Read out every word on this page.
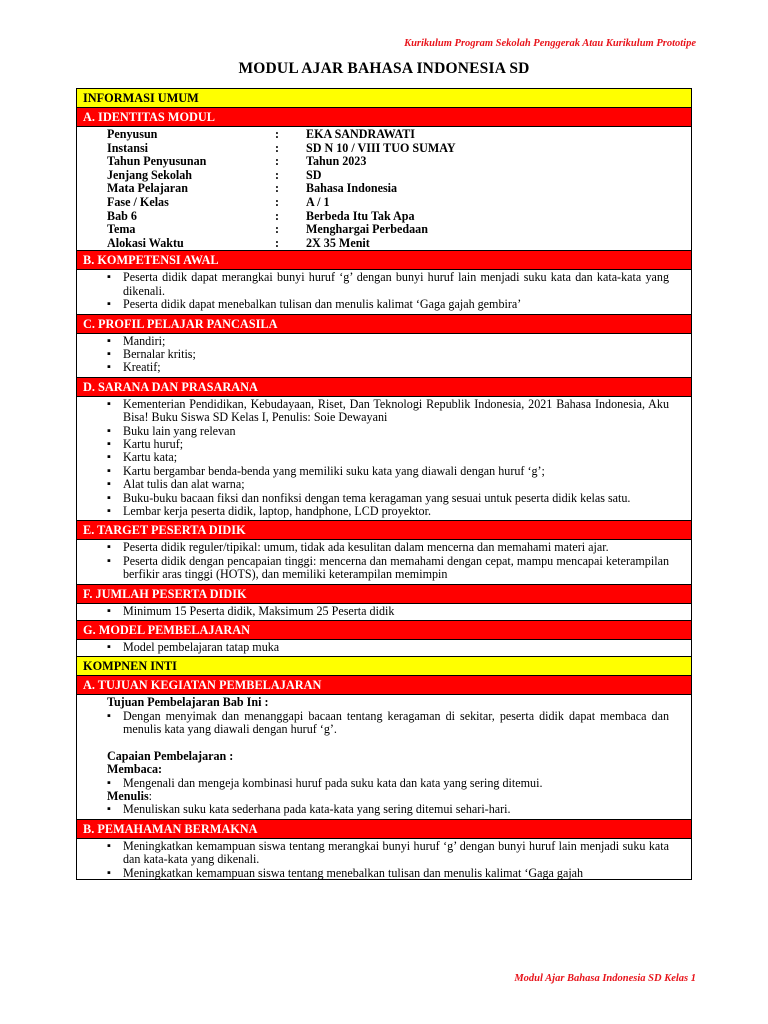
Kurikulum Program Sekolah Penggerak Atau Kurikulum Prototipe
MODUL AJAR BAHASA INDONESIA SD
INFORMASI UMUM
A. IDENTITAS MODUL
Penyusun	:	EKA SANDRAWATI
Instansi	:	SD N 10 / VIII TUO SUMAY
Tahun Penyusunan	:	Tahun 2023
Jenjang Sekolah	:	SD
Mata Pelajaran	:	Bahasa Indonesia
Fase / Kelas	:	A / 1
Bab 6	:	Berbeda Itu Tak Apa
Tema	:	Menghargai Perbedaan
Alokasi Waktu	:	2X 35 Menit
B. KOMPETENSI AWAL
▪ Peserta didik dapat merangkai bunyi huruf ‘g’ dengan bunyi huruf lain menjadi suku kata dan kata-kata yang dikenali.
▪ Peserta didik dapat menebalkan tulisan dan menulis kalimat ‘Gaga gajah gembira’
C. PROFIL PELAJAR PANCASILA
▪ Mandiri;
▪ Bernalar kritis;
▪ Kreatif;
D. SARANA DAN PRASARANA
▪ Kementerian Pendidikan, Kebudayaan, Riset, Dan Teknologi Republik Indonesia, 2021 Bahasa Indonesia, Aku Bisa! Buku Siswa SD Kelas I, Penulis: Soie Dewayani
▪ Buku lain yang relevan
▪ Kartu huruf;
▪ Kartu kata;
▪ Kartu bergambar benda-benda yang memiliki suku kata yang diawali dengan huruf ‘g’;
▪ Alat tulis dan alat warna;
▪ Buku-buku bacaan fiksi dan nonfiksi dengan tema keragaman yang sesuai untuk peserta didik kelas satu.
▪ Lembar kerja peserta didik, laptop, handphone, LCD proyektor.
E. TARGET PESERTA DIDIK
▪ Peserta didik reguler/tipikal: umum, tidak ada kesulitan dalam mencerna dan memahami materi ajar.
▪ Peserta didik dengan pencapaian tinggi: mencerna dan memahami dengan cepat, mampu mencapai keterampilan berfikir aras tinggi (HOTS), dan memiliki keterampilan memimpin
F. JUMLAH PESERTA DIDIK
▪ Minimum 15 Peserta didik, Maksimum 25 Peserta didik
G. MODEL PEMBELAJARAN
▪ Model pembelajaran tatap muka
KOMPNEN INTI
A. TUJUAN KEGIATAN PEMBELAJARAN
Tujuan Pembelajaran Bab Ini :
▪ Dengan menyimak dan menanggapi bacaan tentang keragaman di sekitar, peserta didik dapat membaca dan menulis kata yang diawali dengan huruf ‘g’.
Capaian Pembelajaran :
Membaca:
▪ Mengenali dan mengeja kombinasi huruf pada suku kata dan kata yang sering ditemui.
Menulis:
▪ Menuliskan suku kata sederhana pada kata-kata yang sering ditemui sehari-hari.
B. PEMAHAMAN BERMAKNA
▪ Meningkatkan kemampuan siswa tentang merangkai bunyi huruf ‘g’ dengan bunyi huruf lain menjadi suku kata dan kata-kata yang dikenali.
▪ Meningkatkan kemampuan siswa tentang menebalkan tulisan dan menulis kalimat ‘Gaga gajah
Modul Ajar Bahasa Indonesia SD Kelas 1
